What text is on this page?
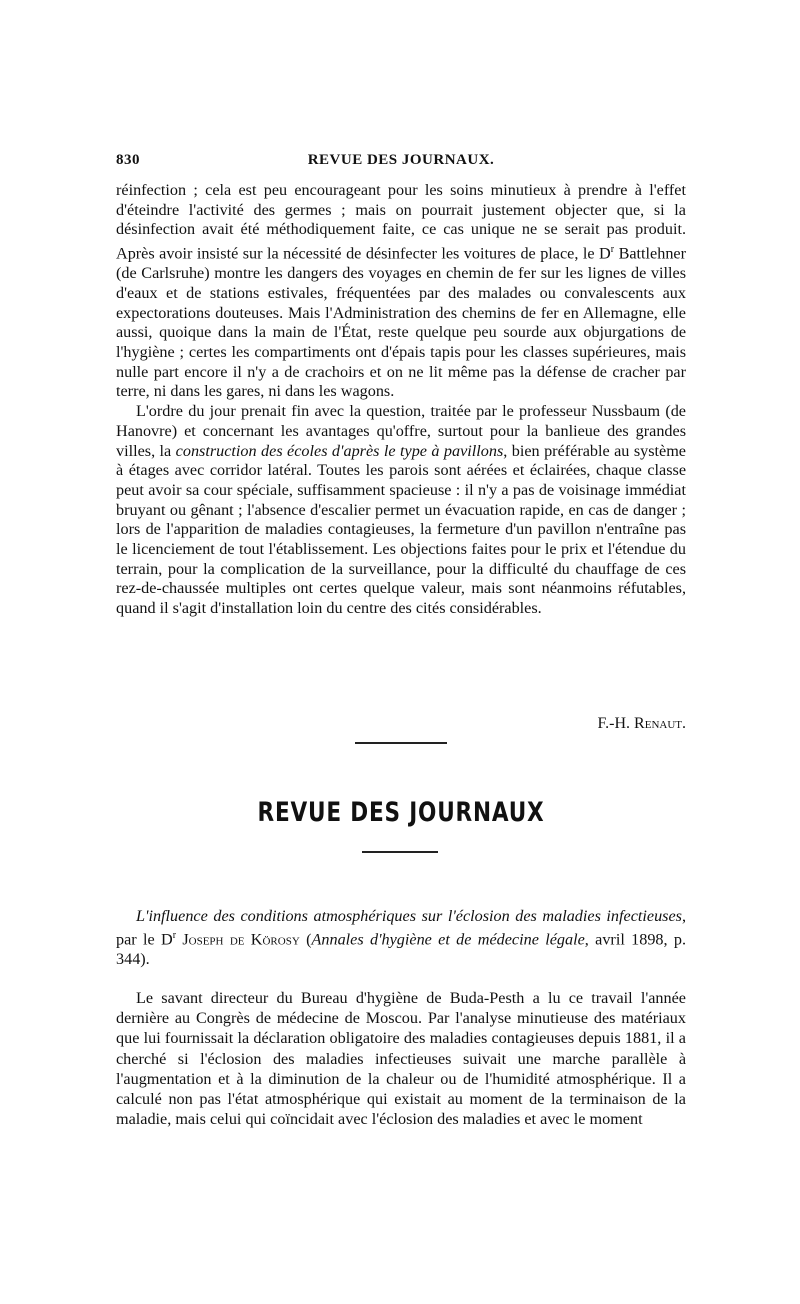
830	REVUE DES JOURNAUX.

réinfection ; cela est peu encourageant pour les soins minutieux à prendre à l'effet d'éteindre l'activité des germes ; mais on pourrait justement objecter que, si la désinfection avait été méthodiquement faite, ce cas unique ne se serait pas produit. Après avoir insisté sur la nécessité de désinfecter les voitures de place, le $D^r$ Battlehner (de Carlsruhe) montre les dangers des voyages en chemin de fer sur les lignes de villes d'eaux et de stations estivales, fréquentées par des malades ou convalescents aux expectorations douteuses. Mais l'Administration des chemins de fer en Allemagne, elle aussi, quoique dans la main de l'État, reste quelque peu sourde aux objurgations de l'hygiène ; certes les compartiments ont d'épais tapis pour les classes supérieures, mais nulle part encore il n'y a de crachoirs et on ne lit même pas la défense de cracher par terre, ni dans les gares, ni dans les wagons.

L'ordre du jour prenait fin avec la question, traitée par le professeur Nussbaum (de Hanovre) et concernant les avantages qu'offre, surtout pour la banlieue des grandes villes, la construction des écoles d'après le type à pavillons, bien préférable au système à étages avec corridor latéral. Toutes les parois sont aérées et éclairées, chaque classe peut avoir sa cour spéciale, suffisamment spacieuse : il n'y a pas de voisinage immédiat bruyant ou gênant ; l'absence d'escalier permet un évacuation rapide, en cas de danger ; lors de l'apparition de maladies contagieuses, la fermeture d'un pavillon n'entraîne pas le licenciement de tout l'établissement. Les objections faites pour le prix et l'étendue du terrain, pour la complication de la surveillance, pour la difficulté du chauffage de ces rez-de-chaussée multiples ont certes quelque valeur, mais sont néanmoins réfutables, quand il s'agit d'installation loin du centre des cités considérables.

F.-H. Renaut.
REVUE DES JOURNAUX

L'influence des conditions atmosphériques sur l'éclosion des maladies infectieuses, par le $D^r$ Joseph de Körosy (Annales d'hygiène et de médecine légale, avril 1898, p. 344).

Le savant directeur du Bureau d'hygiène de Buda-Pesth a lu ce travail l'année dernière au Congrès de médecine de Moscou. Par l'analyse minutieuse des matériaux que lui fournissait la déclaration obligatoire des maladies contagieuses depuis 1881, il a cherché si l'éclosion des maladies infectieuses suivait une marche parallèle à l'augmentation et à la diminution de la chaleur ou de l'humidité atmosphérique. Il a calculé non pas l'état atmosphérique qui existait au moment de la terminaison de la maladie, mais celui qui coïncidait avec l'éclosion des maladies et avec le moment
